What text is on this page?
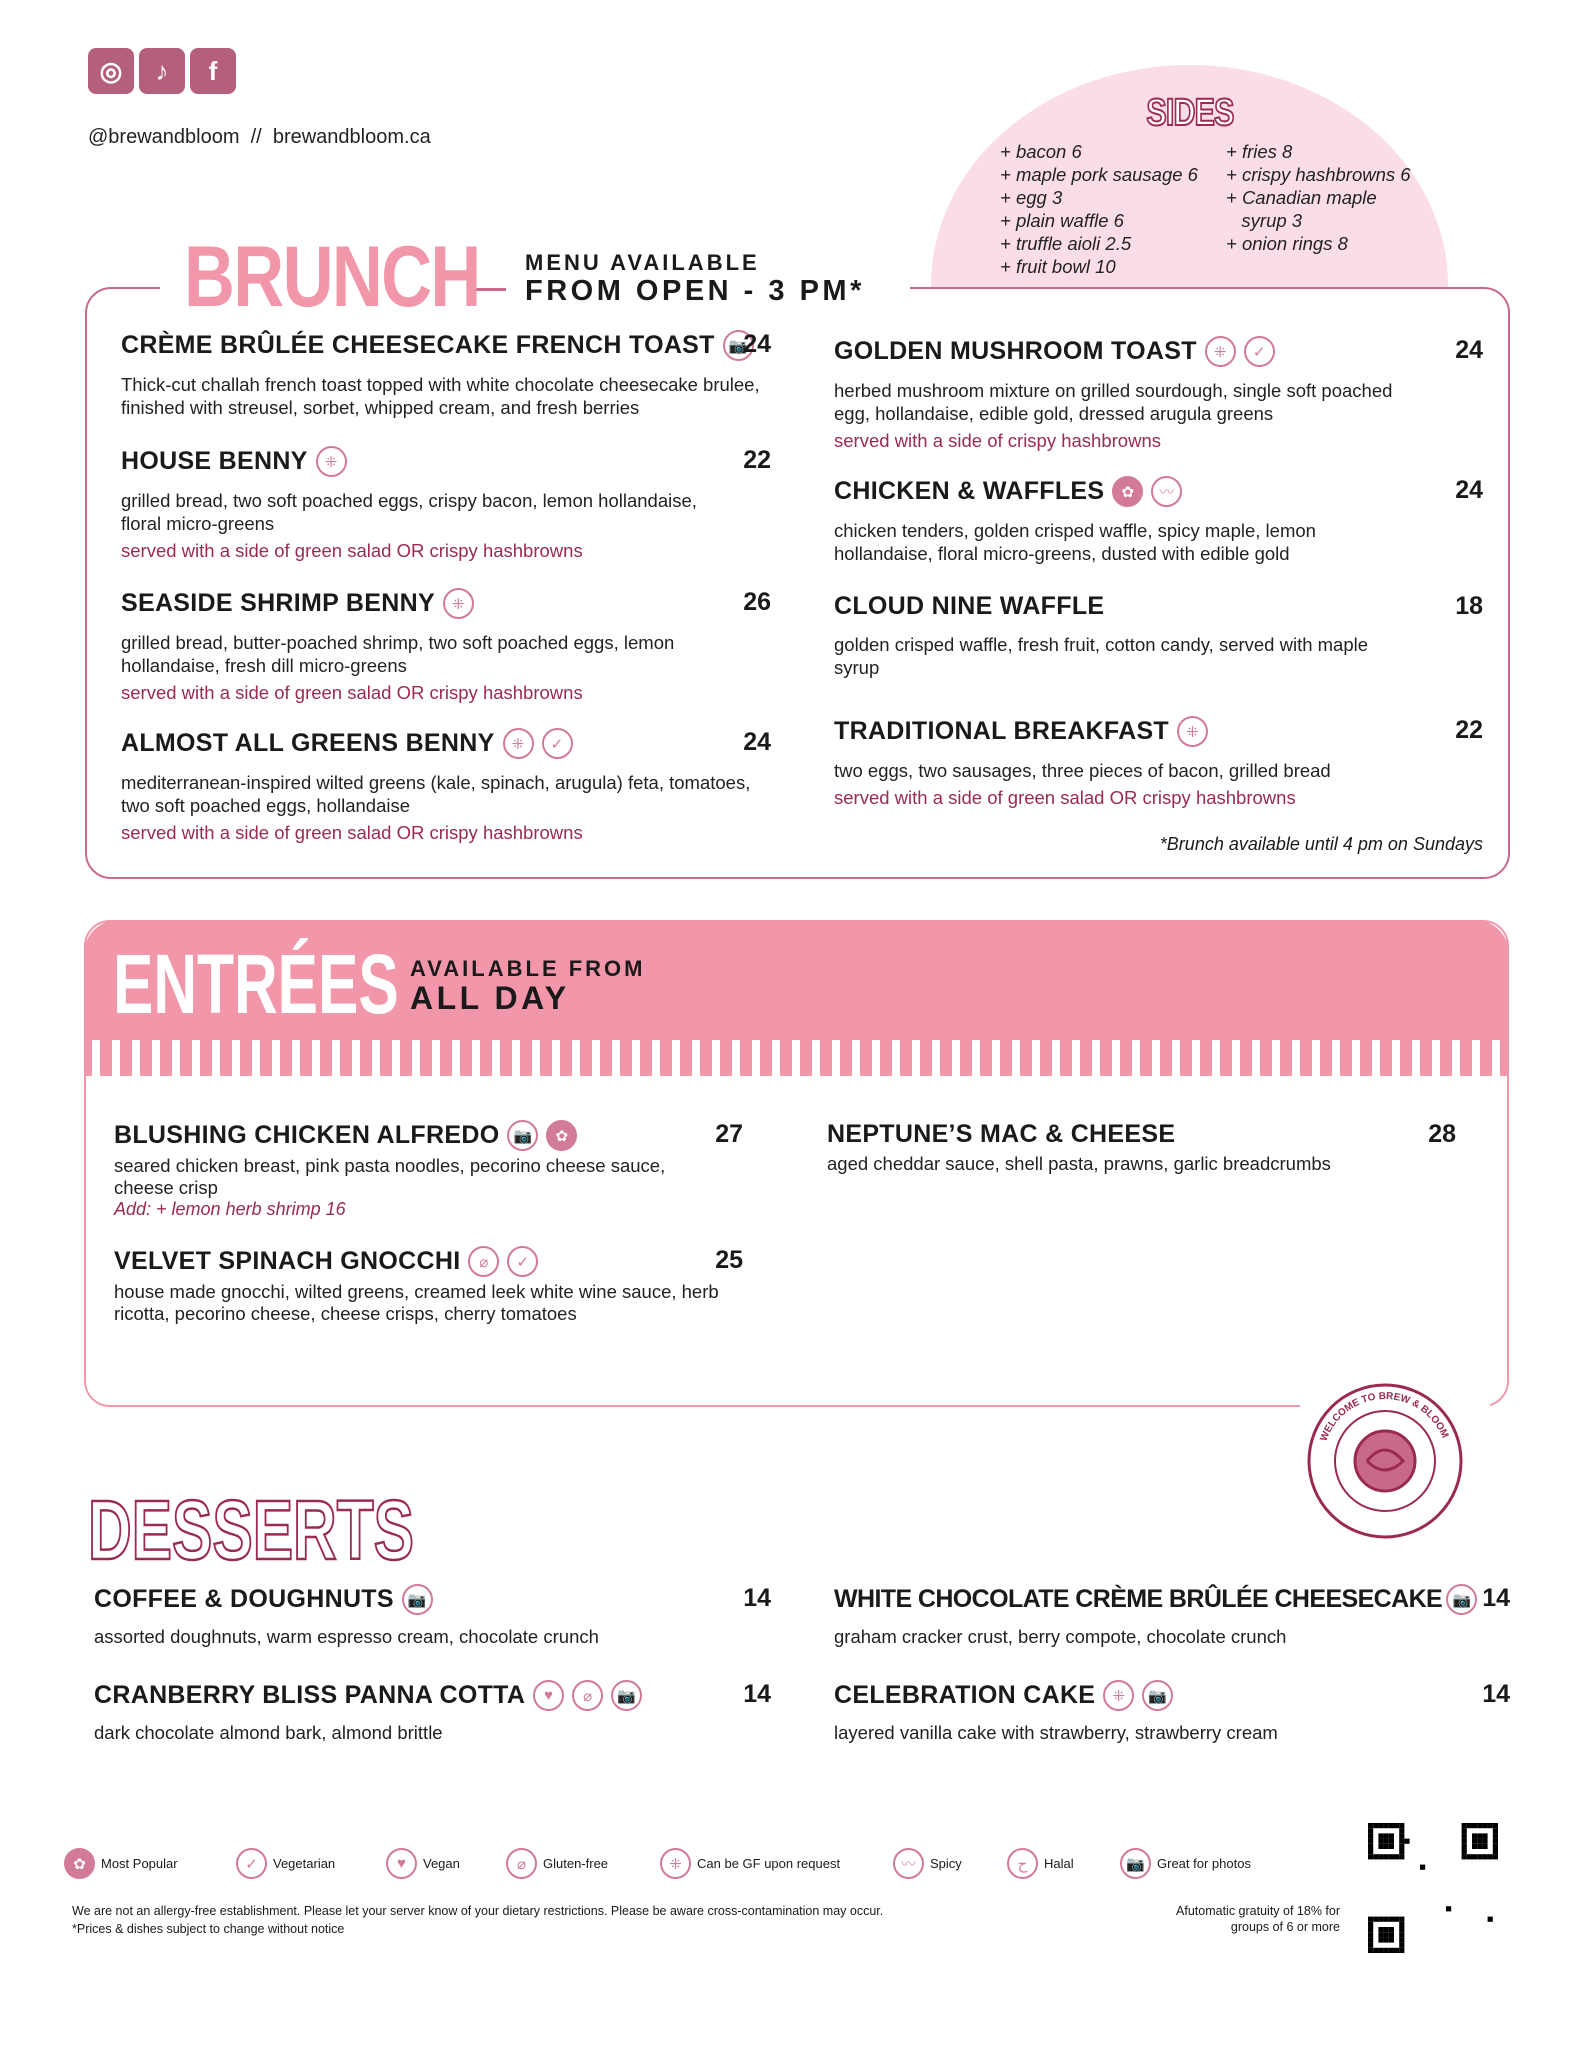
◎	♪	f
@brewandbloom  //  brewandbloom.ca
SIDES
+ bacon 6
+ maple pork sausage 6
+ egg 3
+ plain waffle 6
+ truffle aioli 2.5
+ fruit bowl 10
+ fries 8
+ crispy hashbrowns 6
+ Canadian maple
syrup 3
+ onion rings 8
BRUNCH MENU AVAILABLE
FROM OPEN - 3 PM*
*Brunch available until 4 pm on Sundays
ENTRÉES AVAILABLE FROM
ALL DAY
WELCOME TO BREW & BLOOM
DESSERTS
CRÈME BRÛLÉE CHEESECAKE FRENCH TOAST 📷
24
Thick-cut challah french toast topped with white chocolate cheesecake brulee, finished with streusel, sorbet, whipped cream, and fresh berries
HOUSE BENNY	⁜	22
grilled bread, two soft poached eggs, crispy bacon, lemon hollandaise, floral micro-greens
served with a side of green salad OR crispy hashbrowns
SEASIDE SHRIMP BENNY	⁜	26
grilled bread, butter-poached shrimp, two soft poached eggs, lemon hollandaise, fresh dill micro-greens
served with a side of green salad OR crispy hashbrowns
ALMOST ALL GREENS BENNY	⁜	✓	24
mediterranean-inspired wilted greens (kale, spinach, arugula) feta, tomatoes, two soft poached eggs, hollandaise
served with a side of green salad OR crispy hashbrowns
GOLDEN MUSHROOM TOAST	⁜	✓	24
herbed mushroom mixture on grilled sourdough, single soft poached egg, hollandaise, edible gold, dressed arugula greens
served with a side of crispy hashbrowns
CHICKEN & WAFFLES	✿	〰	24
chicken tenders, golden crisped waffle, spicy maple, lemon hollandaise, floral micro-greens, dusted with edible gold
CLOUD NINE WAFFLE	18
golden crisped waffle, fresh fruit, cotton candy, served with maple syrup
TRADITIONAL BREAKFAST	⁜	22
two eggs, two sausages, three pieces of bacon, grilled bread
served with a side of green salad OR crispy hashbrowns
BLUSHING CHICKEN ALFREDO 📷	✿	27
seared chicken breast, pink pasta noodles, pecorino cheese sauce, cheese crisp
Add: + lemon herb shrimp 16
VELVET SPINACH GNOCCHI	⌀	✓	25
house made gnocchi, wilted greens, creamed leek white wine sauce, herb ricotta, pecorino cheese, cheese crisps, cherry tomatoes
NEPTUNE’S MAC & CHEESE	28
aged cheddar sauce, shell pasta, prawns, garlic breadcrumbs
COFFEE & DOUGHNUTS 📷	14
assorted doughnuts, warm espresso cream, chocolate crunch
CRANBERRY BLISS PANNA COTTA	♥	⌀	📷	14
dark chocolate almond bark, almond brittle
WHITE CHOCOLATE CRÈME BRÛLÉE CHEESECAKE 📷 14
graham cracker crust, berry compote, chocolate crunch
CELEBRATION CAKE	⁜	📷	14
layered vanilla cake with strawberry, strawberry cream
✿	Most Popular	✓	Vegetarian	♥	Vegan	⌀	Gluten-free	⁜	Can be GF upon request	〰	Spicy	ح	Halal	📷 Great for photos
We are not an allergy-free establishment. Please let your server know of your dietary restrictions. Please be aware cross-contamination may occur.
*Prices & dishes subject to change without notice
Afutomatic gratuity of 18% for groups of 6 or more
